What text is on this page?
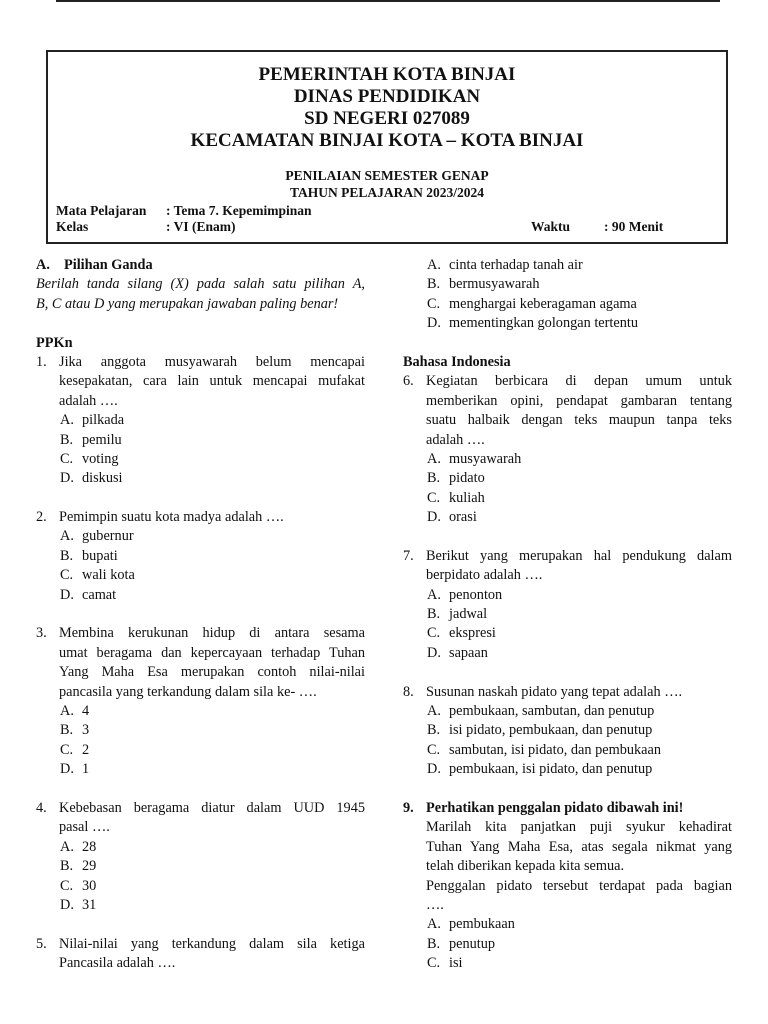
PEMERINTAH KOTA BINJAI
DINAS PENDIDIKAN
SD NEGERI 027089
KECAMATAN BINJAI KOTA – KOTA BINJAI
PENILAIAN SEMESTER GENAP
TAHUN PELAJARAN 2023/2024
Mata Pelajaran : Tema 7. Kepemimpinan
Kelas	: VI (Enam)	Waktu	: 90 Menit
A. Pilihan Ganda
Berilah tanda silang (X) pada salah satu pilihan A,
B, C atau D yang merupakan jawaban paling benar!
PPKn
1. Jika anggota musyawarah belum mencapai
kesepakatan, cara lain untuk mencapai mufakat
adalah ….
A. pilkada
B. pemilu
C. voting
D. diskusi
2. Pemimpin suatu kota madya adalah ….
A. gubernur
B. bupati
C. wali kota
D. camat
3. Membina kerukunan hidup di antara sesama
umat beragama dan kepercayaan terhadap Tuhan
Yang Maha Esa merupakan contoh nilai-nilai
pancasila yang terkandung dalam sila ke- ….
A. 4
B. 3
C. 2
D. 1
4. Kebebasan beragama diatur dalam UUD 1945
pasal ….
A. 28
B. 29
C. 30
D. 31
5. Nilai-nilai yang terkandung dalam sila ketiga
Pancasila adalah ….
A. cinta terhadap tanah air
B. bermusyawarah
C. menghargai keberagaman agama
D. mementingkan golongan tertentu
Bahasa Indonesia
6. Kegiatan berbicara di depan umum untuk
memberikan opini, pendapat gambaran tentang
suatu halbaik dengan teks maupun tanpa teks
adalah ….
A. musyawarah
B. pidato
C. kuliah
D. orasi
7. Berikut yang merupakan hal pendukung dalam
berpidato adalah ….
A. penonton
B. jadwal
C. ekspresi
D. sapaan
8. Susunan naskah pidato yang tepat adalah ….
A. pembukaan, sambutan, dan penutup
B. isi pidato, pembukaan, dan penutup
C. sambutan, isi pidato, dan pembukaan
D. pembukaan, isi pidato, dan penutup
9. Perhatikan penggalan pidato dibawah ini!
Marilah kita panjatkan puji syukur kehadirat
Tuhan Yang Maha Esa, atas segala nikmat yang
telah diberikan kepada kita semua.
Penggalan pidato tersebut terdapat pada bagian
….
A. pembukaan
B. penutup
C. isi
